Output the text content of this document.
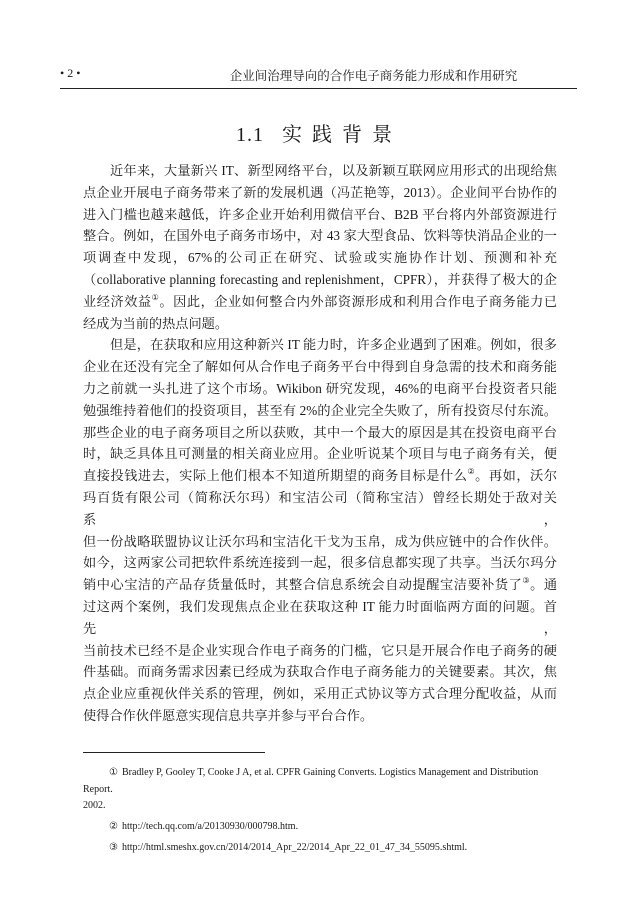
• 2 •	企业间治理导向的合作电子商务能力形成和作用研究
1.1 实践背景
近年来，大量新兴 IT、新型网络平台，以及新颖互联网应用形式的出现给焦
点企业开展电子商务带来了新的发展机遇（冯芷艳等，2013）。企业间平台协作的
进入门槛也越来越低，许多企业开始利用微信平台、B2B 平台将内外部资源进行
整合。例如，在国外电子商务市场中，对 43 家大型食品、饮料等快消品企业的一
项调查中发现，67%的公司正在研究、试验或实施协作计划、预测和补充
（collaborative planning forecasting and replenishment，CPFR），并获得了极大的企
业经济效益①。因此，企业如何整合内外部资源形成和利用合作电子商务能力已
经成为当前的热点问题。
但是，在获取和应用这种新兴 IT 能力时，许多企业遇到了困难。例如，很多
企业在还没有完全了解如何从合作电子商务平台中得到自身急需的技术和商务能
力之前就一头扎进了这个市场。Wikibon 研究发现，46%的电商平台投资者只能
勉强维持着他们的投资项目，甚至有 2%的企业完全失败了，所有投资尽付东流。
那些企业的电子商务项目之所以获败，其中一个最大的原因是其在投资电商平台
时，缺乏具体且可测量的相关商业应用。企业听说某个项目与电子商务有关，便
直接投钱进去，实际上他们根本不知道所期望的商务目标是什么②。再如，沃尔
玛百货有限公司（简称沃尔玛）和宝洁公司（简称宝洁）曾经长期处于敌对关系，
但一份战略联盟协议让沃尔玛和宝洁化干戈为玉帛，成为供应链中的合作伙伴。
如今，这两家公司把软件系统连接到一起，很多信息都实现了共享。当沃尔玛分
销中心宝洁的产品存货量低时，其整合信息系统会自动提醒宝洁要补货了③。通
过这两个案例，我们发现焦点企业在获取这种 IT 能力时面临两方面的问题。首先，
当前技术已经不是企业实现合作电子商务的门槛，它只是开展合作电子商务的硬
件基础。而商务需求因素已经成为获取合作电子商务能力的关键要素。其次，焦
点企业应重视伙伴关系的管理，例如，采用正式协议等方式合理分配收益，从而
使得合作伙伴愿意实现信息共享并参与平台合作。
① Bradley P, Gooley T, Cooke J A, et al. CPFR Gaining Converts. Logistics Management and Distribution Report.
2002.
② http://tech.qq.com/a/20130930/000798.htm.
③ http://html.smeshx.gov.cn/2014/2014_Apr_22/2014_Apr_22_01_47_34_55095.shtml.
